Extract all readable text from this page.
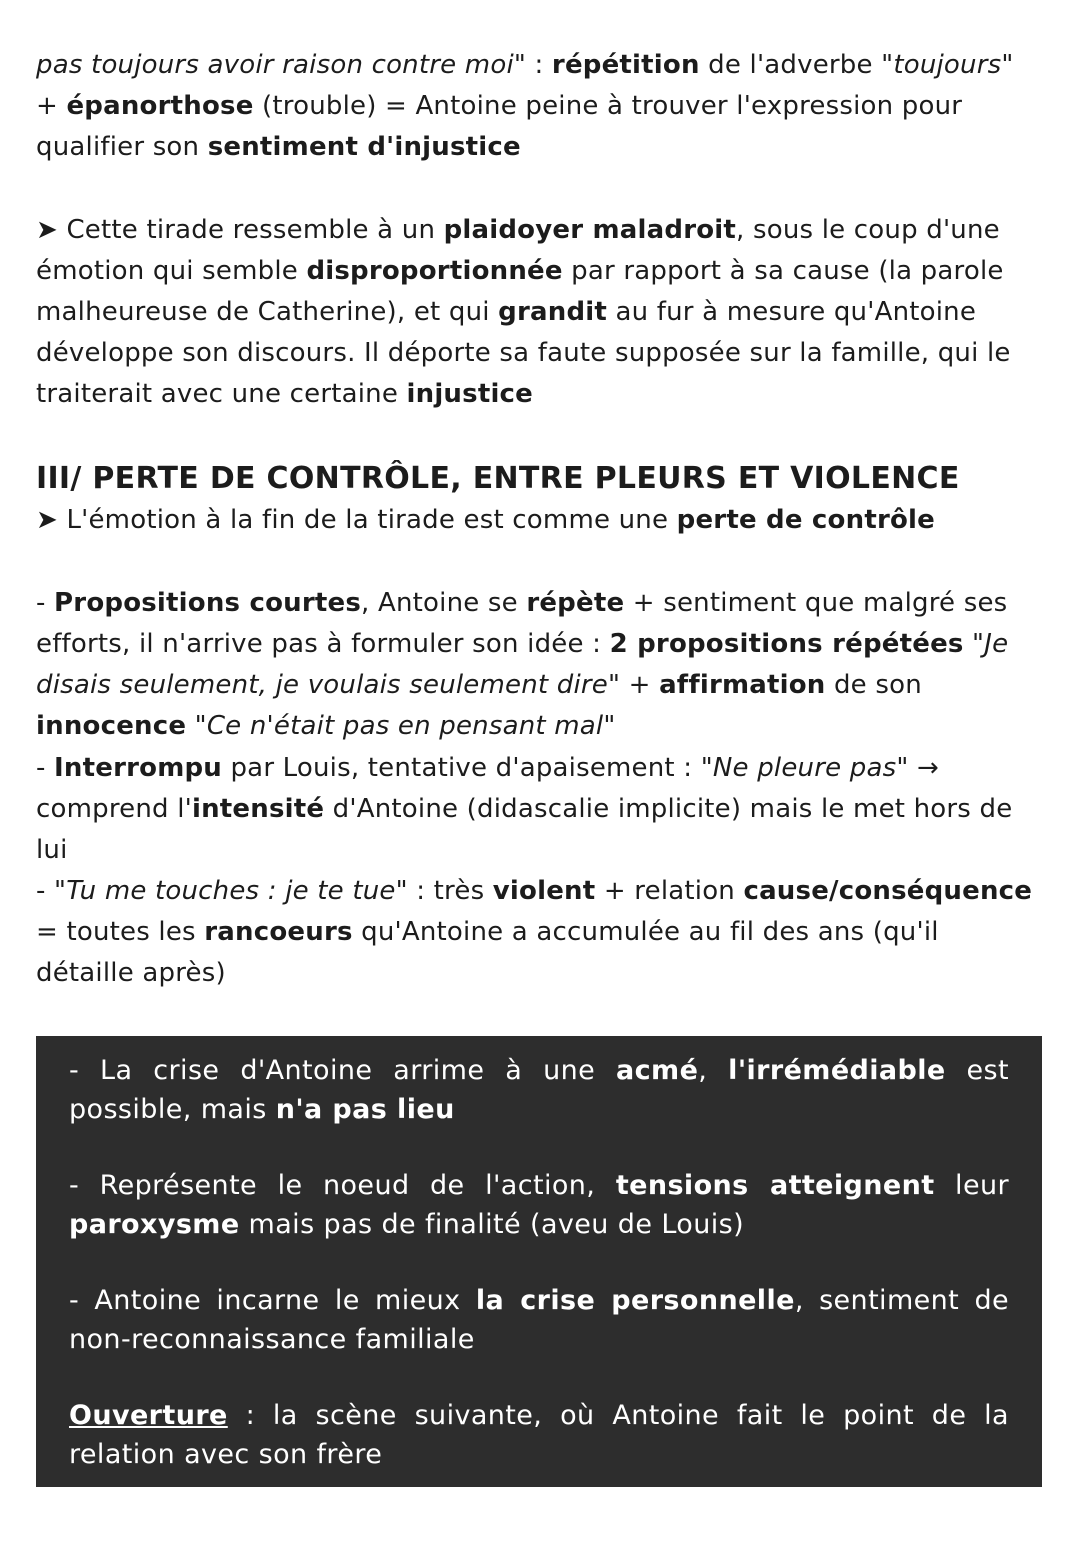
pas toujours avoir raison contre moi" : répétition de l'adverbe "toujours" + épanorthose (trouble) = Antoine peine à trouver l'expression pour qualifier son sentiment d'injustice

➤ Cette tirade ressemble à un plaidoyer maladroit, sous le coup d'une émotion qui semble disproportionnée par rapport à sa cause (la parole malheureuse de Catherine), et qui grandit au fur à mesure qu'Antoine développe son discours. Il déporte sa faute supposée sur la famille, qui le traiterait avec une certaine injustice

III/ PERTE DE CONTRÔLE, ENTRE PLEURS ET VIOLENCE

➤ L'émotion à la fin de la tirade est comme une perte de contrôle

- Propositions courtes, Antoine se répète + sentiment que malgré ses efforts, il n'arrive pas à formuler son idée : 2 propositions répétées "Je disais seulement, je voulais seulement dire" + affirmation de son innocence "Ce n'était pas en pensant mal"

- Interrompu par Louis, tentative d'apaisement : "Ne pleure pas" → comprend l'intensité d'Antoine (didascalie implicite) mais le met hors de lui

- "Tu me touches : je te tue" : très violent + relation cause/conséquence = toutes les rancoeurs qu'Antoine a accumulée au fil des ans (qu'il détaille après)

- La crise d'Antoine arrime à une acmé, l'irrémédiable est possible, mais n'a pas lieu

- Représente le noeud de l'action, tensions atteignent leur paroxysme mais pas de finalité (aveu de Louis)

- Antoine incarne le mieux la crise personnelle, sentiment de non-reconnaissance familiale

Ouverture : la scène suivante, où Antoine fait le point de la relation avec son frère
